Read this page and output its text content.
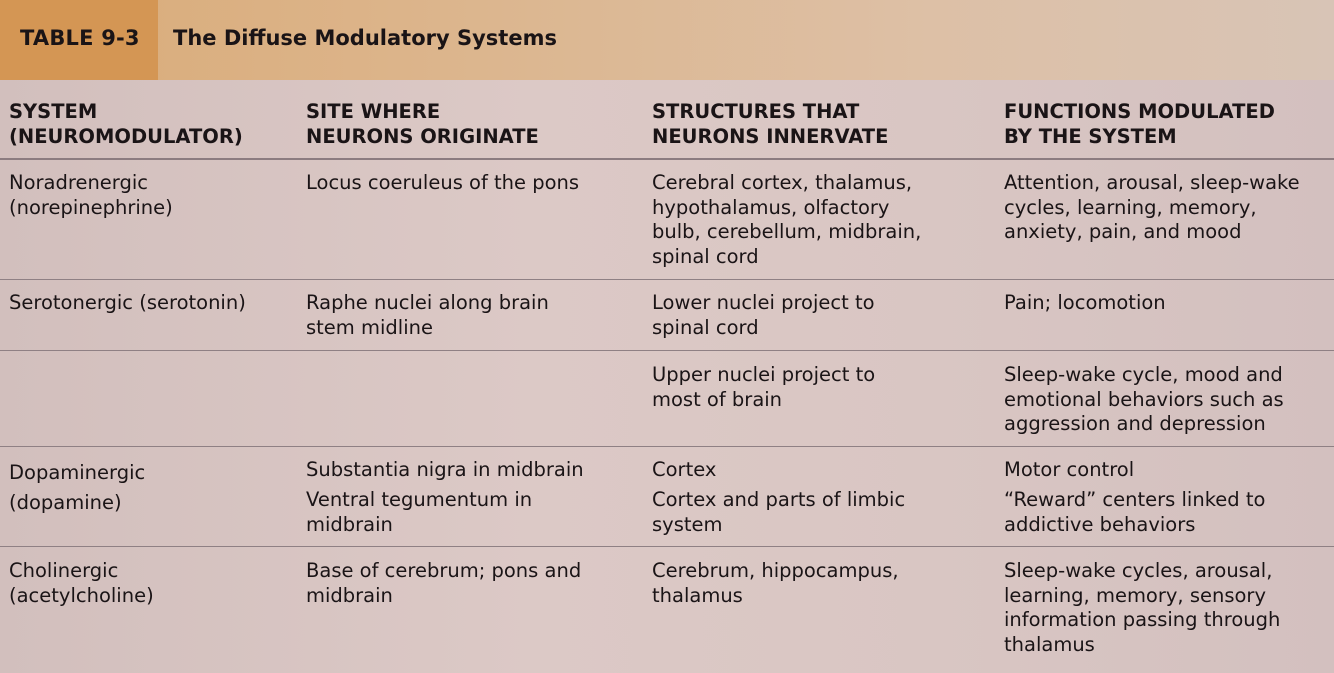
TABLE 9-3 The Diffuse Modulatory Systems
SYSTEM
(NEUROMODULATOR)
SITE WHERE
NEURONS ORIGINATE
STRUCTURES THAT
NEURONS INNERVATE
FUNCTIONS MODULATED
BY THE SYSTEM
Noradrenergic
(norepinephrine)
Locus coeruleus of the pons	Cerebral cortex, thalamus,
hypothalamus, olfactory
bulb, cerebellum, midbrain,
spinal cord
Attention, arousal, sleep-wake
cycles, learning, memory,
anxiety, pain, and mood
Serotonergic (serotonin)	Raphe nuclei along brain
stem midline
Lower nuclei project to
spinal cord
Pain; locomotion
Upper nuclei project to
most of brain
Sleep-wake cycle, mood and
emotional behaviors such as
aggression and depression
Dopaminergic
(dopamine)
Substantia nigra in midbrain
Ventral tegumentum in
midbrain
Cortex
Cortex and parts of limbic
system
Motor control
“Reward” centers linked to
addictive behaviors
Cholinergic
(acetylcholine)
Base of cerebrum; pons and
midbrain
Cerebrum, hippocampus,
thalamus
Sleep-wake cycles, arousal,
learning, memory, sensory
information passing through
thalamus
